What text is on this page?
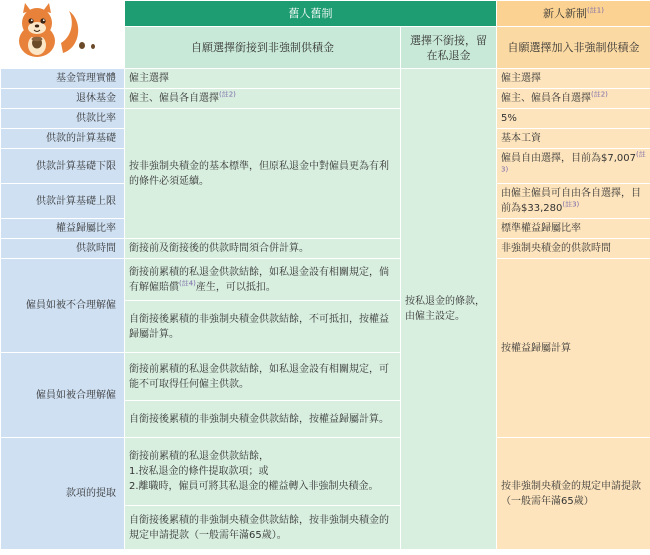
	舊人舊制		新人新制$^{(註1)}$
	自願選擇銜接到非強制供積金	選擇不銜接，留在私退金	自願選擇加入非強制供積金
基金管理實體	僱主選擇	按私退金的條款，由僱主設定。	僱主選擇
退休基金	僱主、僱員各自選擇$^{(註2)}$		僱主、僱員各自選擇$^{(註2)}$
供款比率	按非強制央積金的基本標準，但原私退金中對僱員更為有利的條件必須延續。		5%
供款的計算基礎			基本工資
供款計算基礎下限			僱員自由選擇，目前為$7,007$^{(註3)}$
供款計算基礎上限			由僱主僱員可自由各自選擇，目前為$33,280$^{(註3)}$
權益歸屬比率			標準權益歸屬比率
供款時間	銜接前及銜接後的供款時間須合併計算。		非強制央積金的供款時間
僱員如被不合理解僱	銜接前累積的私退金供款結餘，如私退金設有相關規定，倘有解僱賠償$^{(註4)}$產生，可以抵扣。		按權益歸屬計算
	自銜接後累積的非強制央積金供款結餘，不可抵扣，按權益歸屬計算。		
僱員如被合理解僱	銜接前累積的私退金供款結餘，如私退金設有相關規定，可能不可取得任何僱主供款。		
	自銜接後累積的非強制央積金供款結餘，按權益歸屬計算。		
款項的提取	銜接前累積的私退金供款結餘，
1.按私退金的條件提取款項；或
2.離職時，僱員可將其私退金的權益轉入非強制央積金。		按非強制央積金的規定申請提款（一般需年滿65歲）
	自銜接後累積的非強制央積金供款結餘，按非強制央積金的規定申請提款（一般需年滿65歲）。		
